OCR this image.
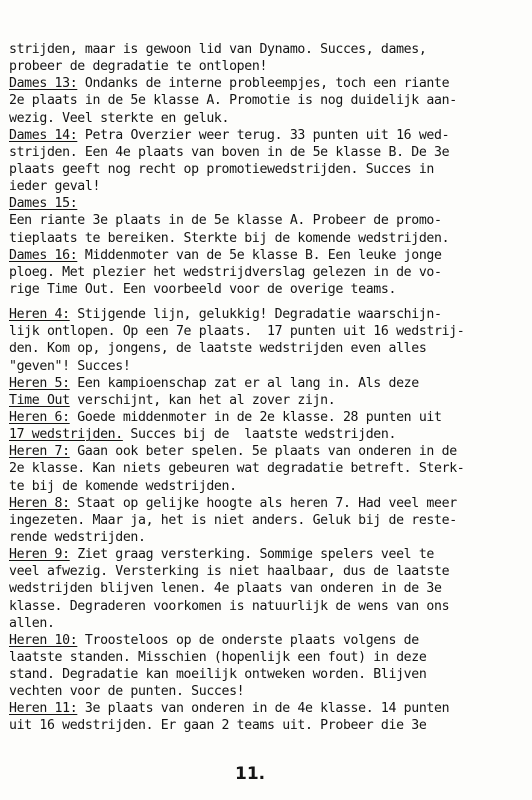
strijden, maar is gewoon lid van Dynamo. Succes, dames,
probeer de degradatie te ontlopen!
Dames 13: Ondanks de interne probleempjes, toch een riante
2e plaats in de 5e klasse A. Promotie is nog duidelijk aan-
wezig. Veel sterkte en geluk.
Dames 14: Petra Overzier weer terug. 33 punten uit 16 wed-
strijden. Een 4e plaats van boven in de 5e klasse B. De 3e
plaats geeft nog recht op promotiewedstrijden. Succes in
ieder geval!
Dames 15:
Een riante 3e plaats in de 5e klasse A. Probeer de promo-
tieplaats te bereiken. Sterkte bij de komende wedstrijden.
Dames 16: Middenmoter van de 5e klasse B. Een leuke jonge
ploeg. Met plezier het wedstrijdverslag gelezen in de vo-
rige Time Out. Een voorbeeld voor de overige teams.
Heren 4: Stijgende lijn, gelukkig! Degradatie waarschijn-
lijk ontlopen. Op een 7e plaats.  17 punten uit 16 wedstrij-
den. Kom op, jongens, de laatste wedstrijden even alles
"geven"! Succes!
Heren 5: Een kampioenschap zat er al lang in. Als deze
Time Out verschijnt, kan het al zover zijn.
Heren 6: Goede middenmoter in de 2e klasse. 28 punten uit
17 wedstrijden. Succes bij de  laatste wedstrijden.
Heren 7: Gaan ook beter spelen. 5e plaats van onderen in de
2e klasse. Kan niets gebeuren wat degradatie betreft. Sterk-
te bij de komende wedstrijden.
Heren 8: Staat op gelijke hoogte als heren 7. Had veel meer
ingezeten. Maar ja, het is niet anders. Geluk bij de reste-
rende wedstrijden.
Heren 9: Ziet graag versterking. Sommige spelers veel te
veel afwezig. Versterking is niet haalbaar, dus de laatste
wedstrijden blijven lenen. 4e plaats van onderen in de 3e
klasse. Degraderen voorkomen is natuurlijk de wens van ons
allen.
Heren 10: Troosteloos op de onderste plaats volgens de
laatste standen. Misschien (hopenlijk een fout) in deze
stand. Degradatie kan moeilijk ontweken worden. Blijven
vechten voor de punten. Succes!
Heren 11: 3e plaats van onderen in de 4e klasse. 14 punten
uit 16 wedstrijden. Er gaan 2 teams uit. Probeer die 3e
11.
